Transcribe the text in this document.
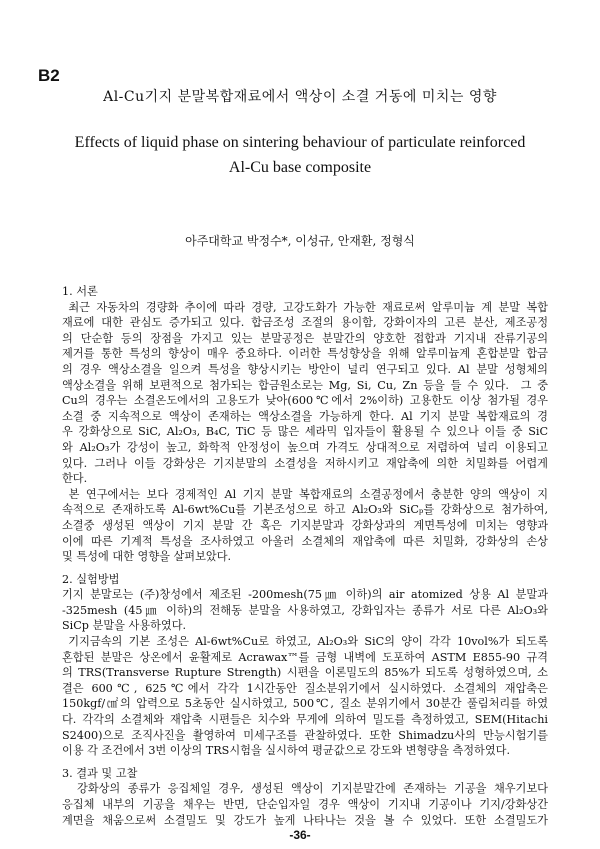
B2
Al-Cu기지 분말복합재료에서 액상이 소결 거동에 미치는 영향
Effects of liquid phase on sintering behaviour of particulate reinforced
Al-Cu base composite
아주대학교 박정수*, 이성규, 안재환, 정형식
1. 서론
최근 자동차의 경량화 추이에 따라 경량, 고강도화가 가능한 재료로써 알루미늄 계 분말 복합
재료에 대한 관심도 증가되고 있다. 합금조성 조절의 용이함, 강화이자의 고른 분산, 제조공정
의 단순함 등의 장점을 가지고 있는 분말공정은 분말간의 양호한 접합과 기지내 잔류기공의
제거를 통한 특성의 향상이 매우 중요하다. 이러한 특성향상을 위해 알루미늄계 혼합분말 합금
의 경우 액상소결을 일으켜 특성을 향상시키는 방안이 널리 연구되고 있다. Al 분말 성형체의
액상소결을 위해 보편적으로 첨가되는 합금원소로는 Mg, Si, Cu, Zn 등을 들 수 있다.  그 중
Cu의 경우는 소결온도에서의 고용도가 낮아(600℃에서 2%이하) 고용한도 이상 첨가될 경우
소결 중 지속적으로 액상이 존재하는 액상소결을 가능하게 한다. Al 기지 분말 복합재료의 경
우 강화상으로 SiC, Al₂O₃, B₄C, TiC 등 많은 세라믹 입자들이 활용될 수 있으나 이들 중 SiC
와 Al₂O₃가 강성이 높고, 화학적 안정성이 높으며 가격도 상대적으로 저렴하여 널리 이용되고
있다. 그러나 이들 강화상은 기지분말의 소결성을 저하시키고 재압축에 의한 치밀화를 어렵게
한다.
본 연구에서는 보다 경제적인 Al 기지 분말 복합재료의 소결공정에서 충분한 양의 액상이 지
속적으로 존재하도록 Al-6wt%Cu를 기본조성으로 하고 Al₂O₃와 SiCₚ를 강화상으로 첨가하여,
소결중 생성된 액상이 기지 분말 간 혹은 기지분말과 강화상과의 계면특성에 미치는 영향과
이에 따른 기계적 특성을 조사하였고 아울러 소결체의 재압축에 따른 치밀화, 강화상의 손상
및 특성에 대한 영향을 살펴보았다.
2. 실험방법
기지 분말로는 (주)창성에서 제조된 -200mesh(75㎛ 이하)의 air atomized 상용 Al 분말과
-325mesh (45㎛ 이하)의 전해동 분말을 사용하였고, 강화입자는 종류가 서로 다른 Al₂O₃와
SiCp 분말을 사용하였다.
기지금속의 기본 조성은 Al-6wt%Cu로 하였고, Al₂O₃와 SiC의 양이 각각 10vol%가 되도록
혼합된 분말은 상온에서 윤활제로 Acrawax™를 금형 내벽에 도포하여 ASTM E855-90 규격
의 TRS(Transverse Rupture Strength) 시편을 이론밀도의 85%가 되도록 성형하였으며, 소
결은 600℃, 625℃에서 각각 1시간동안 질소분위기에서 실시하였다. 소결체의 재압축은
150kgf/㎠의 압력으로 5초동안 실시하였고, 500℃, 질소 분위기에서 30분간 풀림처리를 하였
다. 각각의 소결체와 재압축 시편들은 치수와 무게에 의하여 밀도를 측정하였고, SEM(Hitachi
S2400)으로 조직사진을 촬영하여 미세구조를 관찰하였다. 또한 Shimadzu사의 만능시험기를
이용 각 조건에서 3번 이상의 TRS시험을 실시하여 평균값으로 강도와 변형량을 측정하였다.
3. 결과 및 고찰
강화상의 종류가 응집체일 경우, 생성된 액상이 기지분말간에 존재하는 기공을 채우기보다
응집체 내부의 기공을 채우는 반면, 단순입자일 경우 액상이 기지내 기공이나 기지/강화상간
계면을 채움으로써 소결밀도 및 강도가 높게 나타나는 것을 볼 수 있었다. 또한 소결밀도가
-36-
